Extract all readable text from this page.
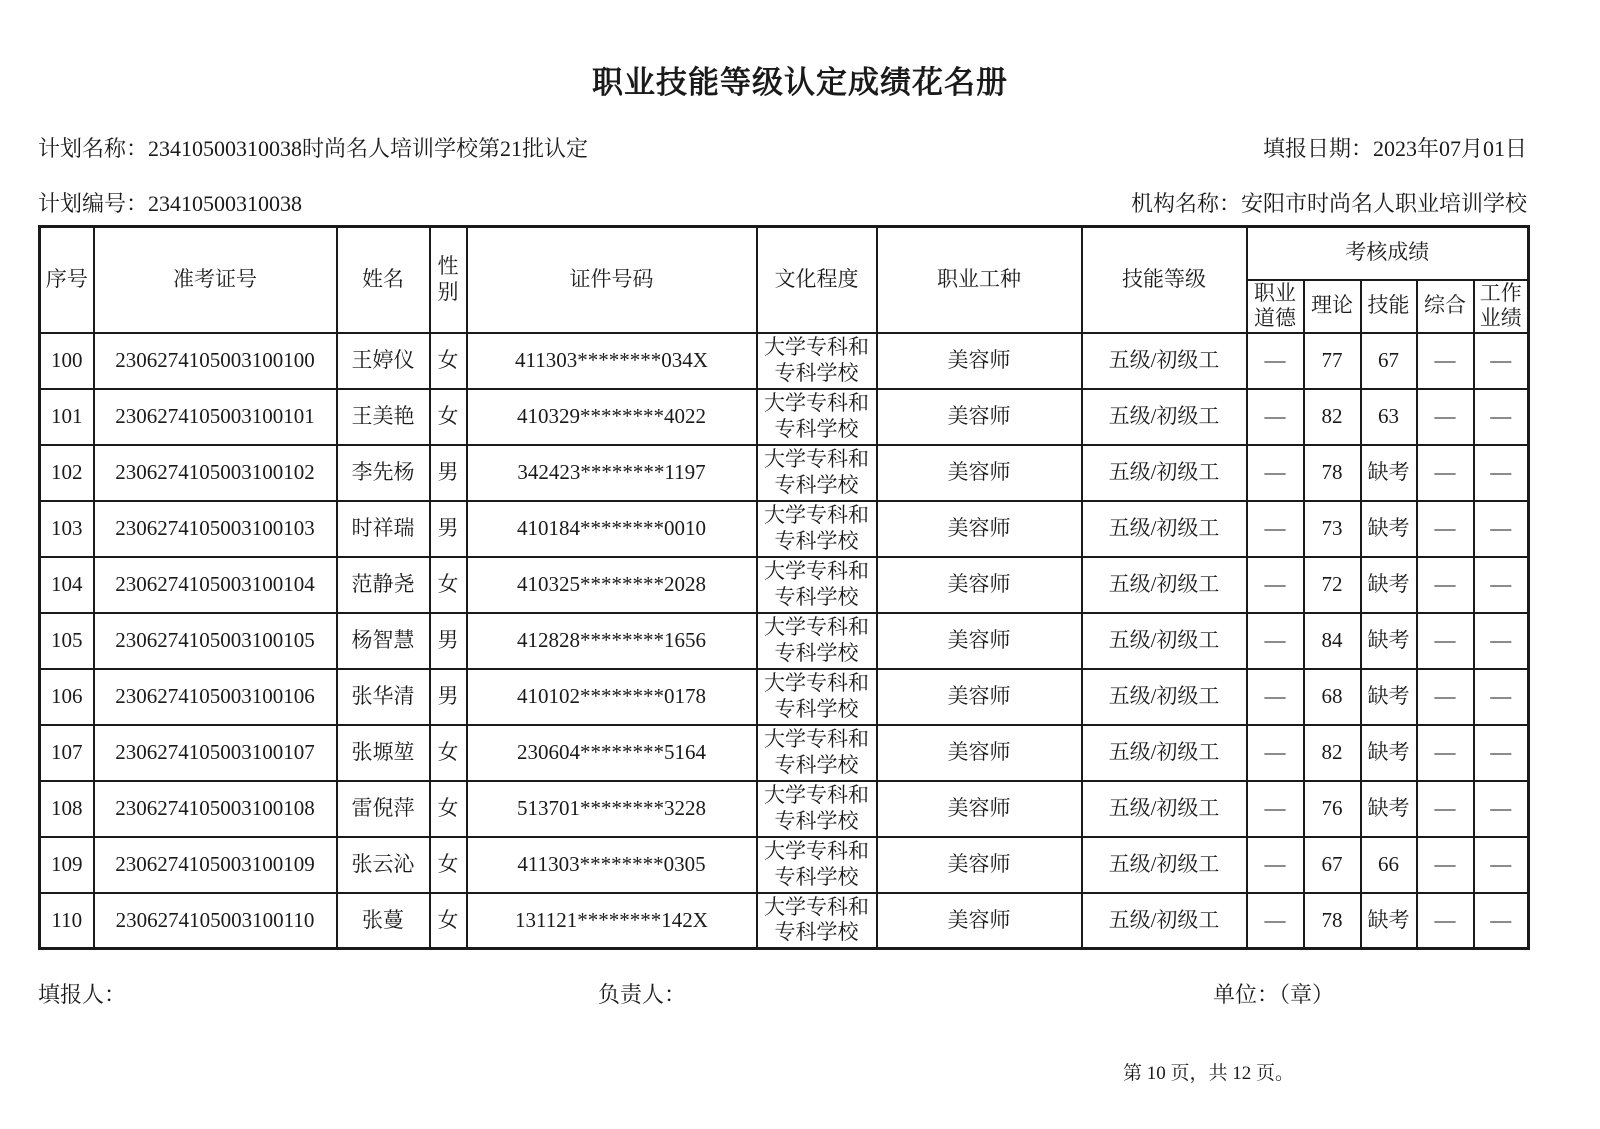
职业技能等级认定成绩花名册
计划名称：23410500310038时尚名人培训学校第21批认定	填报日期：2023年07月01日
计划编号：23410500310038	机构名称：安阳市时尚名人职业培训学校
序号	准考证号	姓名	性别	证件号码	文化程度	职业工种	技能等级	考核成绩				
								职业道德	理论	技能	综合	工作业绩
100	2306274105003100100	王婷仪	女	411303********034X	大学专科和专科学校	美容师	五级/初级工	—	77	67	—	—
101	2306274105003100101	王美艳	女	410329********4022	大学专科和专科学校	美容师	五级/初级工	—	82	63	—	—
102	2306274105003100102	李先杨	男	342423********1197	大学专科和专科学校	美容师	五级/初级工	—	78	缺考	—	—
103	2306274105003100103	时祥瑞	男	410184********0010	大学专科和专科学校	美容师	五级/初级工	—	73	缺考	—	—
104	2306274105003100104	范静尧	女	410325********2028	大学专科和专科学校	美容师	五级/初级工	—	72	缺考	—	—
105	2306274105003100105	杨智慧	男	412828********1656	大学专科和专科学校	美容师	五级/初级工	—	84	缺考	—	—
106	2306274105003100106	张华清	男	410102********0178	大学专科和专科学校	美容师	五级/初级工	—	68	缺考	—	—
107	2306274105003100107	张塬堃	女	230604********5164	大学专科和专科学校	美容师	五级/初级工	—	82	缺考	—	—
108	2306274105003100108	雷倪萍	女	513701********3228	大学专科和专科学校	美容师	五级/初级工	—	76	缺考	—	—
109	2306274105003100109	张云沁	女	411303********0305	大学专科和专科学校	美容师	五级/初级工	—	67	66	—	—
110	2306274105003100110	张蔓	女	131121********142X	大学专科和专科学校	美容师	五级/初级工	—	78	缺考	—	—
填报人：	负责人：	单位：（章）
第 10 页，共 12 页。
